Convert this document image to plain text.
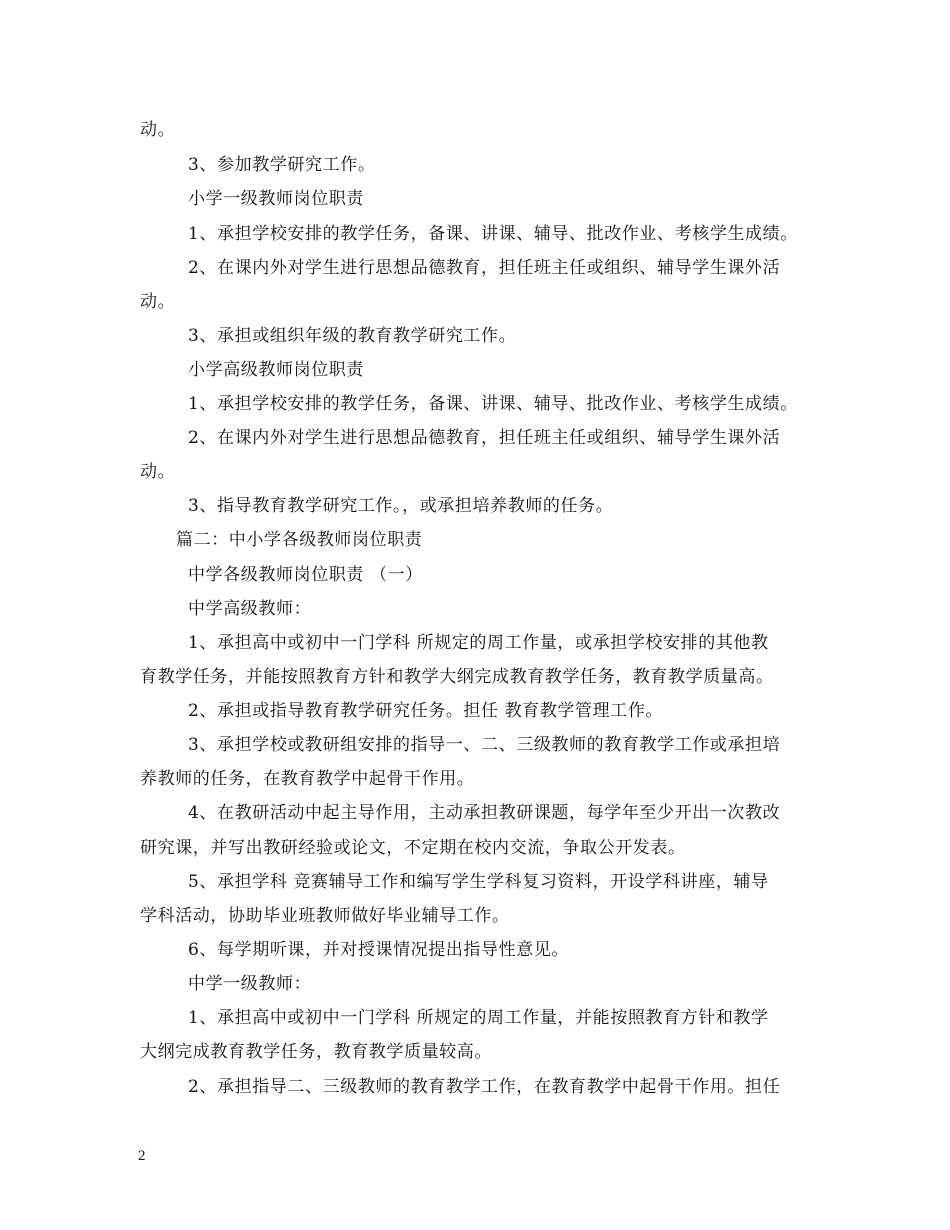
动。
3、参加教学研究工作。
小学一级教师岗位职责
1、承担学校安排的教学任务，备课、讲课、辅导、批改作业、考核学生成绩。
2、在课内外对学生进行思想品德教育，担任班主任或组织、辅导学生课外活
动。
3、承担或组织年级的教育教学研究工作。
小学高级教师岗位职责
1、承担学校安排的教学任务，备课、讲课、辅导、批改作业、考核学生成绩。
2、在课内外对学生进行思想品德教育，担任班主任或组织、辅导学生课外活
动。
3、指导教育教学研究工作。，或承担培养教师的任务。
篇二：中小学各级教师岗位职责
中学各级教师岗位职责 （一）
中学高级教师：
1、承担高中或初中一门学科 所规定的周工作量，或承担学校安排的其他教
育教学任务，并能按照教育方针和教学大纲完成教育教学任务，教育教学质量高。
2、承担或指导教育教学研究任务。担任 教育教学管理工作。
3、承担学校或教研组安排的指导一、二、三级教师的教育教学工作或承担培
养教师的任务，在教育教学中起骨干作用。
4、在教研活动中起主导作用，主动承担教研课题，每学年至少开出一次教改
研究课，并写出教研经验或论文，不定期在校内交流，争取公开发表。
5、承担学科 竞赛辅导工作和编写学生学科复习资料，开设学科讲座，辅导
学科活动，协助毕业班教师做好毕业辅导工作。
6、每学期听课，并对授课情况提出指导性意见。
中学一级教师：
1、承担高中或初中一门学科 所规定的周工作量，并能按照教育方针和教学
大纲完成教育教学任务，教育教学质量较高。
2、承担指导二、三级教师的教育教学工作，在教育教学中起骨干作用。担任
2
